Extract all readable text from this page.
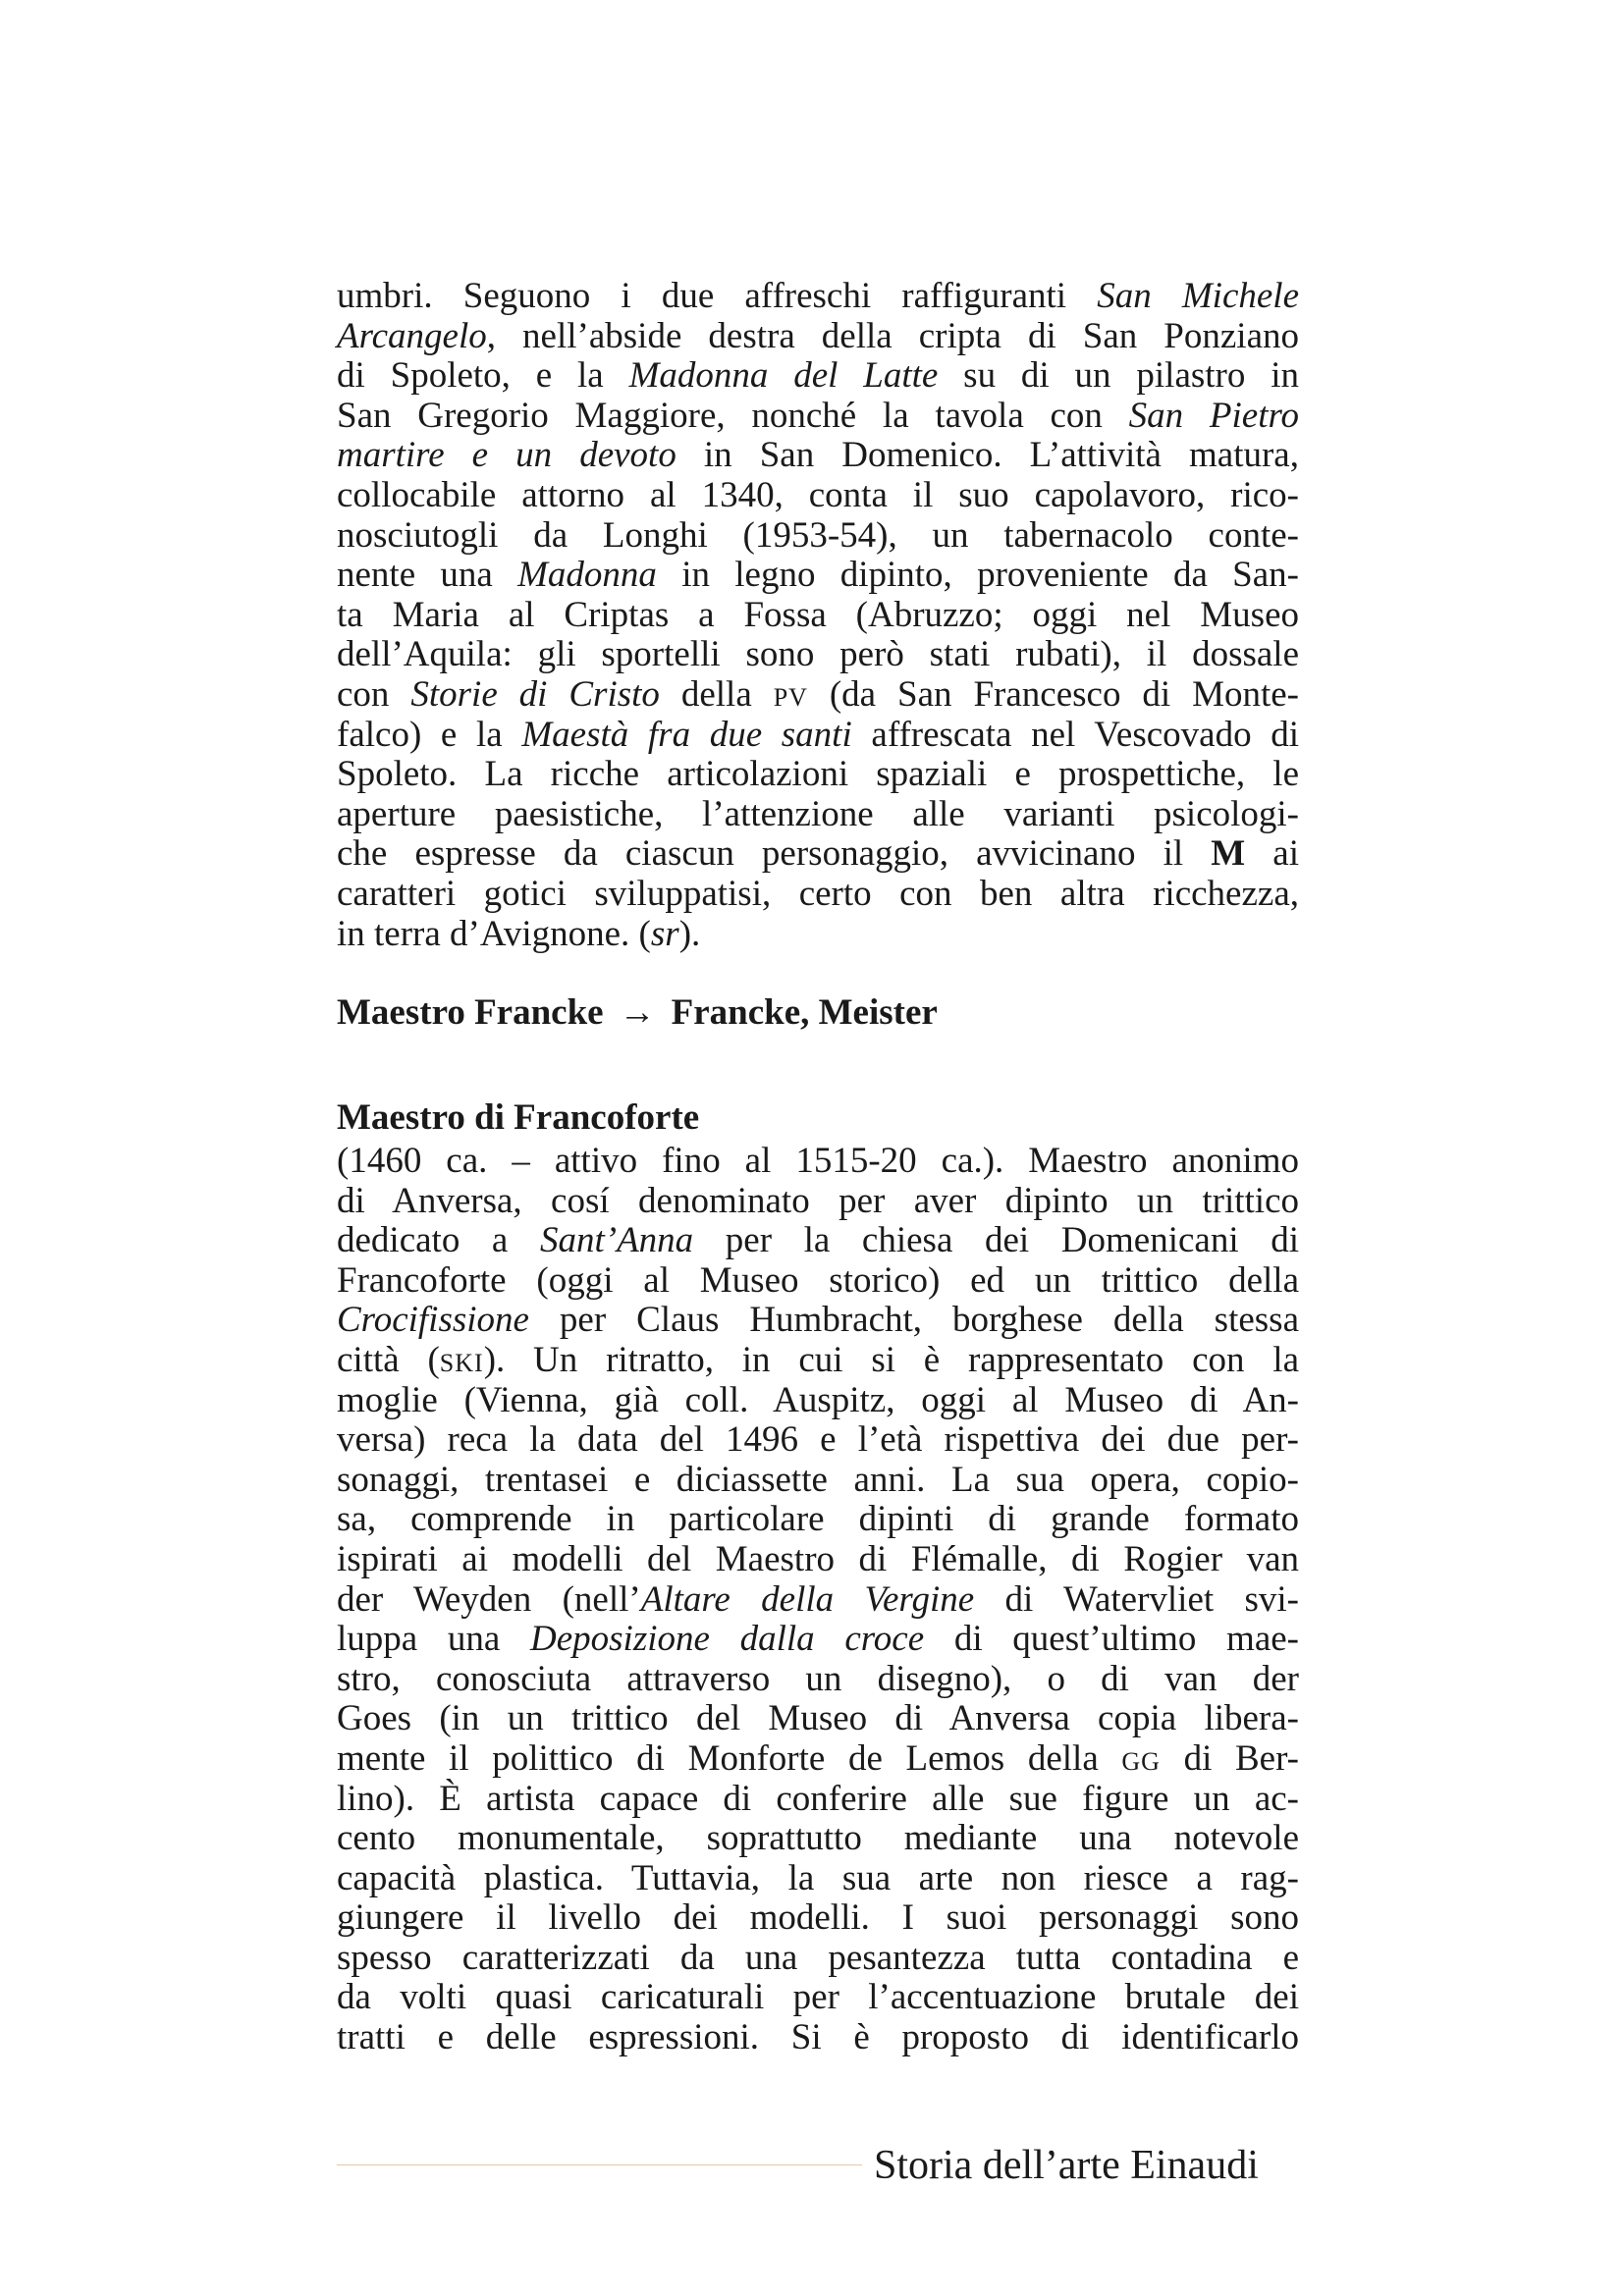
umbri. Seguono i due affreschi raffiguranti San Michele
Arcangelo, nell’abside destra della cripta di San Ponziano
di Spoleto, e la Madonna del Latte su di un pilastro in
San Gregorio Maggiore, nonché la tavola con San Pietro
martire e un devoto in San Domenico. L’attività matura,
collocabile attorno al 1340, conta il suo capolavoro, rico-
nosciutogli da Longhi (1953-54), un tabernacolo conte-
nente una Madonna in legno dipinto, proveniente da San-
ta Maria al Criptas a Fossa (Abruzzo; oggi nel Museo
dell’Aquila: gli sportelli sono però stati rubati), il dossale
con Storie di Cristo della pv (da San Francesco di Monte-
falco) e la Maestà fra due santi affrescata nel Vescovado di
Spoleto. La ricche articolazioni spaziali e prospettiche, le
aperture paesistiche, l’attenzione alle varianti psicologi-
che espresse da ciascun personaggio, avvicinano il M ai
caratteri gotici sviluppatisi, certo con ben altra ricchezza,
in terra d’Avignone. (sr).
Maestro Francke → Francke, Meister
Maestro di Francoforte
(1460 ca. – attivo fino al 1515-20 ca.). Maestro anonimo
di Anversa, cosí denominato per aver dipinto un trittico
dedicato a Sant’Anna per la chiesa dei Domenicani di
Francoforte (oggi al Museo storico) ed un trittico della
Crocifissione per Claus Humbracht, borghese della stessa
città (ski). Un ritratto, in cui si è rappresentato con la
moglie (Vienna, già coll. Auspitz, oggi al Museo di An-
versa) reca la data del 1496 e l’età rispettiva dei due per-
sonaggi, trentasei e diciassette anni. La sua opera, copio-
sa, comprende in particolare dipinti di grande formato
ispirati ai modelli del Maestro di Flémalle, di Rogier van
der Weyden (nell’Altare della Vergine di Watervliet svi-
luppa una Deposizione dalla croce di quest’ultimo mae-
stro, conosciuta attraverso un disegno), o di van der
Goes (in un trittico del Museo di Anversa copia libera-
mente il polittico di Monforte de Lemos della gg di Ber-
lino). È artista capace di conferire alle sue figure un ac-
cento monumentale, soprattutto mediante una notevole
capacità plastica. Tuttavia, la sua arte non riesce a rag-
giungere il livello dei modelli. I suoi personaggi sono
spesso caratterizzati da una pesantezza tutta contadina e
da volti quasi caricaturali per l’accentuazione brutale dei
tratti e delle espressioni. Si è proposto di identificarlo
Storia dell’arte Einaudi
